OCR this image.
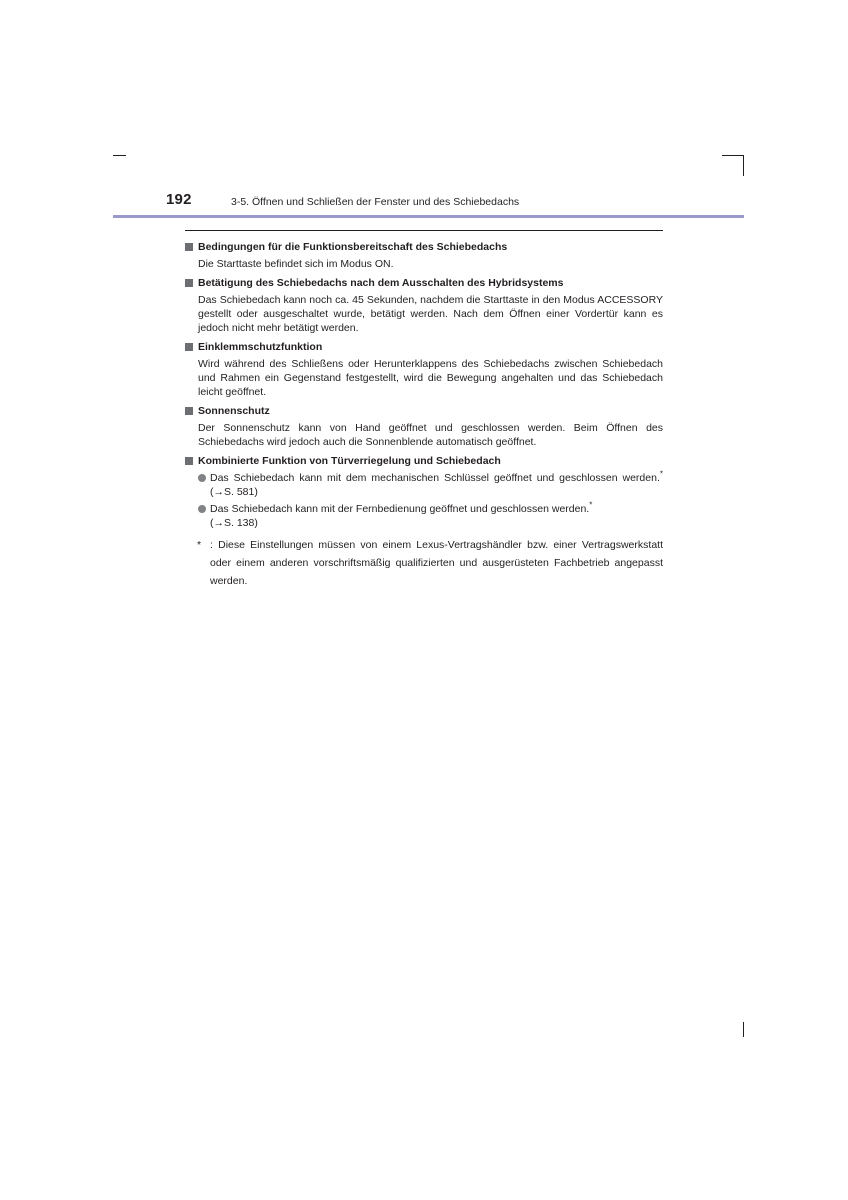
192	3-5. Öffnen und Schließen der Fenster und des Schiebedachs
Bedingungen für die Funktionsbereitschaft des Schiebedachs
Die Starttaste befindet sich im Modus ON.
Betätigung des Schiebedachs nach dem Ausschalten des Hybridsystems
Das Schiebedach kann noch ca. 45 Sekunden, nachdem die Starttaste in den Modus ACCESSORY gestellt oder ausgeschaltet wurde, betätigt werden. Nach dem Öffnen einer Vordertür kann es jedoch nicht mehr betätigt werden.
Einklemmschutzfunktion
Wird während des Schließens oder Herunterklappens des Schiebedachs zwischen Schiebedach und Rahmen ein Gegenstand festgestellt, wird die Bewegung angehalten und das Schiebedach leicht geöffnet.
Sonnenschutz
Der Sonnenschutz kann von Hand geöffnet und geschlossen werden. Beim Öffnen des Schiebedachs wird jedoch auch die Sonnenblende automatisch geöffnet.
Kombinierte Funktion von Türverriegelung und Schiebedach
Das Schiebedach kann mit dem mechanischen Schlüssel geöffnet und geschlossen werden.* (→S. 581)
Das Schiebedach kann mit der Fernbedienung geöffnet und geschlossen werden.*
(→S. 138)
* : Diese Einstellungen müssen von einem Lexus-Vertragshändler bzw. einer Vertragswerkstatt oder einem anderen vorschriftsmäßig qualifizierten und ausgerüsteten Fachbetrieb angepasst werden.
